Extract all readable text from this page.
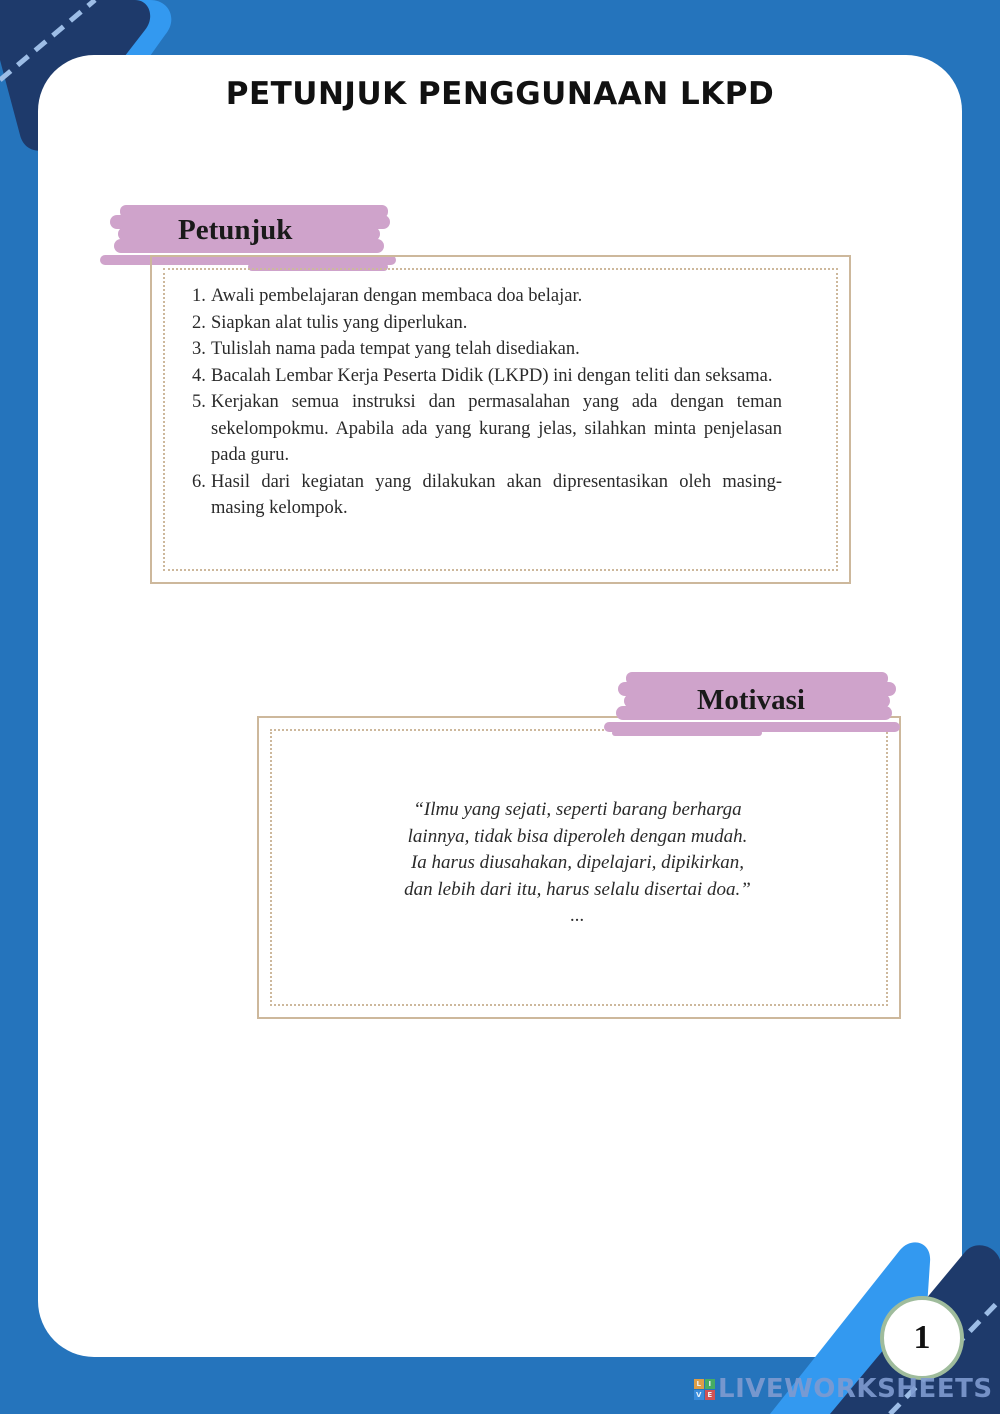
PETUNJUK PENGGUNAAN LKPD
Petunjuk
1. Awali pembelajaran dengan membaca doa belajar.
2. Siapkan alat tulis yang diperlukan.
3. Tulislah nama pada tempat yang telah disediakan.
4. Bacalah Lembar Kerja Peserta Didik (LKPD) ini dengan teliti dan seksama.
5. Kerjakan semua instruksi dan permasalahan yang ada dengan teman sekelompokmu. Apabila ada yang kurang jelas, silahkan minta penjelasan pada guru.
6. Hasil dari kegiatan yang dilakukan akan dipresentasikan oleh masing-masing kelompok.
Motivasi

“Ilmu yang sejati, seperti barang berharga

lainnya, tidak bisa diperoleh dengan mudah.

Ia harus diusahakan, dipelajari, dipikirkan,

dan lebih dari itu, harus selalu disertai doa.”

...

1
L I
V E LIVEWORKSHEETS
